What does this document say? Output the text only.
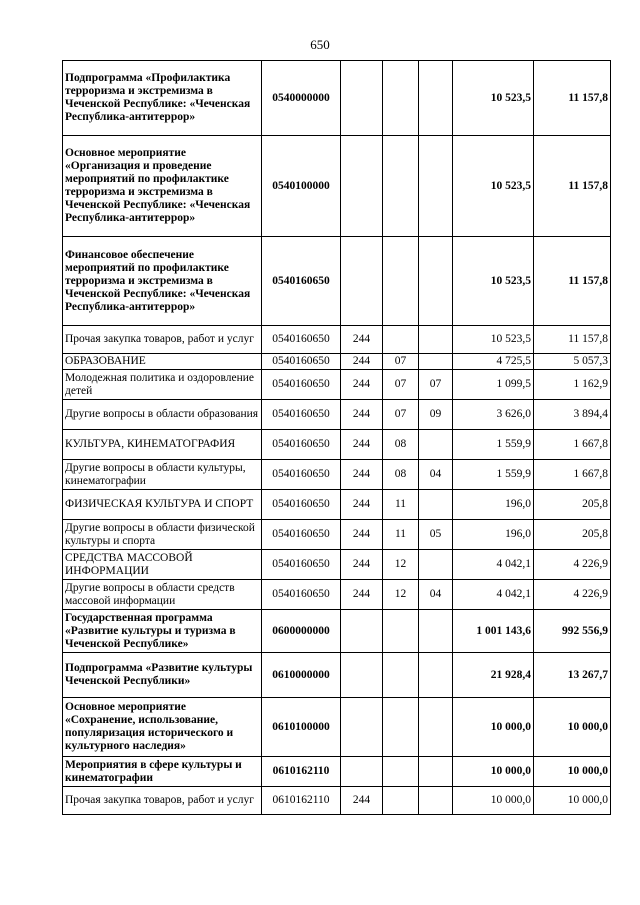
650
Подпрограмма «Профилактика терроризма и экстремизма в Чеченской Республике: «Чеченская Республика-антитеррор»	0540000000				10 523,5	11 157,8
Основное мероприятие «Организация и проведение мероприятий по профилактике терроризма и экстремизма в Чеченской Республике: «Чеченская Республика-антитеррор»	0540100000				10 523,5	11 157,8
Финансовое обеспечение мероприятий по профилактике терроризма и экстремизма в Чеченской Республике: «Чеченская Республика-антитеррор»	0540160650				10 523,5	11 157,8
Прочая закупка товаров, работ и услуг	0540160650	244			10 523,5	11 157,8
ОБРАЗОВАНИЕ	0540160650	244	07		4 725,5	5 057,3
Молодежная политика и оздоровление детей	0540160650	244	07	07	1 099,5	1 162,9
Другие вопросы в области образования	0540160650	244	07	09	3 626,0	3 894,4
КУЛЬТУРА, КИНЕМАТОГРАФИЯ	0540160650	244	08		1 559,9	1 667,8
Другие вопросы в области культуры, кинематографии	0540160650	244	08	04	1 559,9	1 667,8
ФИЗИЧЕСКАЯ КУЛЬТУРА И СПОРТ	0540160650	244	11		196,0	205,8
Другие вопросы в области физической культуры и спорта	0540160650	244	11	05	196,0	205,8
СРЕДСТВА МАССОВОЙ ИНФОРМАЦИИ	0540160650	244	12		4 042,1	4 226,9
Другие вопросы в области средств массовой информации	0540160650	244	12	04	4 042,1	4 226,9
Государственная программа «Развитие культуры и туризма в Чеченской Республике»	0600000000				1 001 143,6	992 556,9
Подпрограмма «Развитие культуры Чеченской Республики»	0610000000				21 928,4	13 267,7
Основное мероприятие «Сохранение, использование, популяризация исторического и культурного наследия»	0610100000				10 000,0	10 000,0
Мероприятия в сфере культуры и кинематографии	0610162110				10 000,0	10 000,0
Прочая закупка товаров, работ и услуг	0610162110	244			10 000,0	10 000,0
